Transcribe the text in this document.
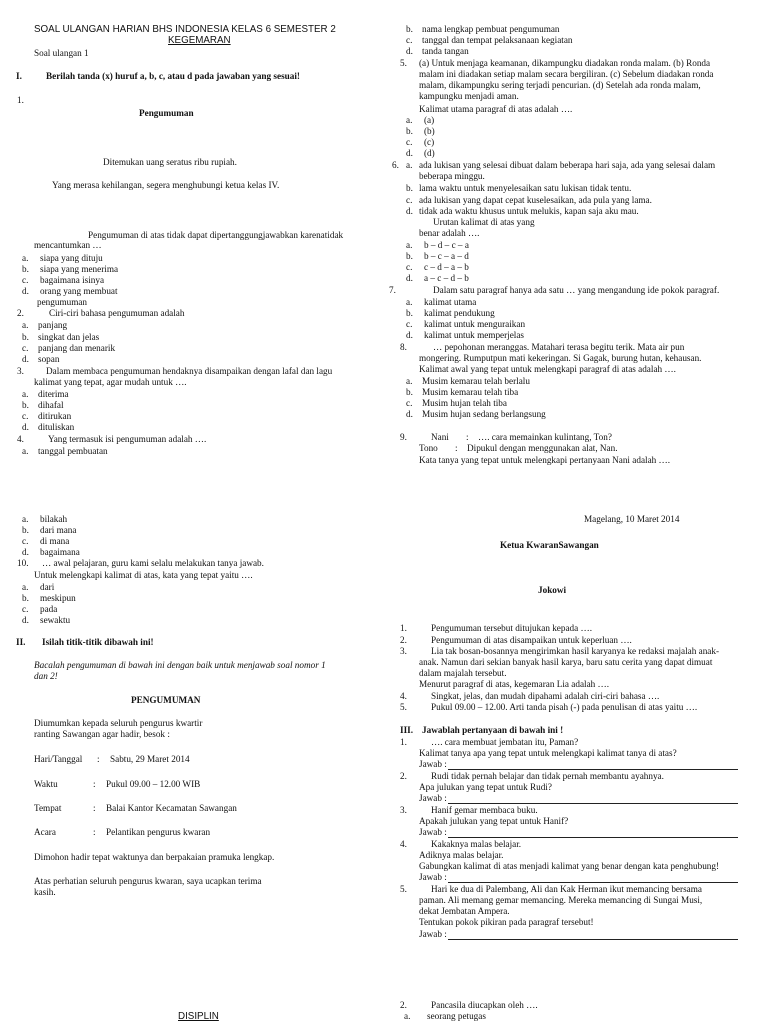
SOAL ULANGAN HARIAN BHS INDONESIA KELAS 6 SEMESTER 2
KEGEMARAN
Soal ulangan 1
I.	Berilah tanda (x) huruf a, b, c, atau d pada jawaban yang sesuai!
1.
Pengumuman
Ditemukan uang seratus ribu rupiah.
Yang merasa kehilangan, segera menghubungi ketua kelas IV.
Pengumuman di atas tidak dapat dipertanggungjawabkan karenatidak
mencantumkan …
a. siapa yang dituju
b. siapa yang menerima
c. bagaimana isinya
d. orang yang membuat
pengumuman
2.	Ciri-ciri bahasa pengumuman adalah
a. panjang
b. singkat dan jelas
c. panjang dan menarik
d. sopan
3. Dalam membaca pengumuman hendaknya disampaikan dengan lafal dan lagu
kalimat yang tepat, agar mudah untuk ….
a. diterima
b. dihafal
c. ditirukan
d. dituliskan
4.	Yang termasuk isi pengumuman adalah ….
a. tanggal pembuatan
a. bilakah
b. dari mana
c. di mana
d. bagaimana
10. … awal pelajaran, guru kami selalu melakukan tanya jawab.
Untuk melengkapi kalimat di atas, kata yang tepat yaitu ….
a. dari
b. meskipun
c. pada
d. sewaktu
II. Isilah titik-titik dibawah ini!
Bacalah pengumuman di bawah ini dengan baik untuk menjawab soal nomor 1
dan 2!
PENGUMUMAN
Diumumkan kepada seluruh pengurus kwartir
ranting Sawangan agar hadir, besok :
Hari/Tanggal : Sabtu, 29 Maret 2014
Waktu	: Pukul 09.00 – 12.00 WIB
Tempat	: Balai Kantor Kecamatan Sawangan
Acara	: Pelantikan pengurus kwaran
Dimohon hadir tepat waktunya dan berpakaian pramuka lengkap.
Atas perhatian seluruh pengurus kwaran, saya ucapkan terima
kasih.
DISIPLIN
b. nama lengkap pembuat pengumuman
c. tanggal dan tempat pelaksanaan kegiatan
d. tanda tangan
5. (a) Untuk menjaga keamanan, dikampungku diadakan ronda malam. (b) Ronda
malam ini diadakan setiap malam secara bergiliran. (c) Sebelum diadakan ronda
malam, dikampungku sering terjadi pencurian. (d) Setelah ada ronda malam,
kampungku menjadi aman.
Kalimat utama paragraf di atas adalah ….
a. (a)
b. (b)
c. (c)
d. (d)
6. a. ada lukisan yang selesai dibuat dalam beberapa hari saja, ada yang selesai dalam
beberapa minggu.
b. lama waktu untuk menyelesaikan satu lukisan tidak tentu.
c. ada lukisan yang dapat cepat kuselesaikan, ada pula yang lama.
d. tidak ada waktu khusus untuk melukis, kapan saja aku mau.
Urutan kalimat di atas yang
benar adalah ….
a. b – d – c – a
b. b – c – a – d
c. c – d – a – b
d. a – c – d – b
7.	Dalam satu paragraf hanya ada satu … yang mengandung ide pokok paragraf.
a. kalimat utama
b. kalimat pendukung
c. kalimat untuk menguraikan
d. kalimat untuk memperjelas
8.	… pepohonan meranggas. Matahari terasa begitu terik. Mata air pun
mongering. Rumputpun mati kekeringan. Si Gagak, burung hutan, kehausan.
Kalimat awal yang tepat untuk melengkapi paragraf di atas adalah ….
a. Musim kemarau telah berlalu
b. Musim kemarau telah tiba
c. Musim hujan telah tiba
d. Musim hujan sedang berlangsung
9.	Nani : …. cara memainkan kulintang, Ton?
Tono : Dipukul dengan menggunakan alat, Nan.
Kata tanya yang tepat untuk melengkapi pertanyaan Nani adalah ….
Magelang, 10 Maret 2014
Ketua KwaranSawangan
Jokowi
1.	Pengumuman tersebut ditujukan kepada ….
2.	Pengumuman di atas disampaikan untuk keperluan ….
3.	Lia tak bosan-bosannya mengirimkan hasil karyanya ke redaksi majalah anak-
anak. Namun dari sekian banyak hasil karya, baru satu cerita yang dapat dimuat
dalam majalah tersebut.
Menurut paragraf di atas, kegemaran Lia adalah ….
4.	Singkat, jelas, dan mudah dipahami adalah ciri-ciri bahasa ….
5.	Pukul 09.00 – 12.00. Arti tanda pisah (-) pada penulisan di atas yaitu ….
III. Jawablah pertanyaan di bawah ini !
1.	…. cara membuat jembatan itu, Paman?
Kalimat tanya apa yang tepat untuk melengkapi kalimat tanya di atas?
Jawab :
2.	Rudi tidak pernah belajar dan tidak pernah membantu ayahnya.
Apa julukan yang tepat untuk Rudi?
Jawab :
3.	Hanif gemar membaca buku.
Apakah julukan yang tepat untuk Hanif?
Jawab :
4.	Kakaknya malas belajar.
Adiknya malas belajar.
Gabungkan kalimat di atas menjadi kalimat yang benar dengan kata penghubung!
Jawab :
5.	Hari ke dua di Palembang, Ali dan Kak Herman ikut memancing bersama
paman. Ali memang gemar memancing. Mereka memancing di Sungai Musi,
dekat Jembatan Ampera.
Tentukan pokok pikiran pada paragraf tersebut!
Jawab :
2.	Pancasila diucapkan oleh ….
a. seorang petugas
